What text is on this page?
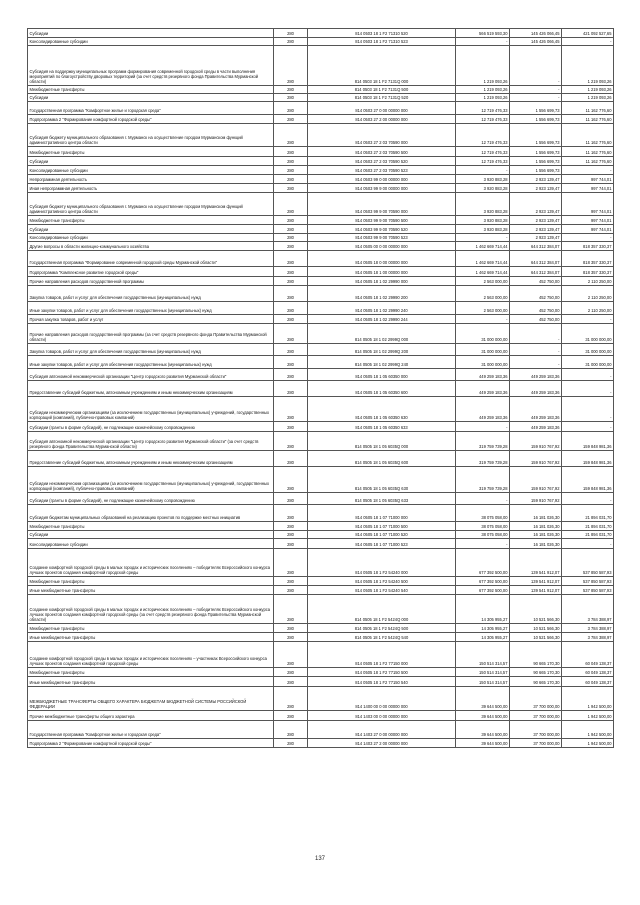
Субсидии	280	814 0503 18 1 F2 71310 520	566 519 593,30	145 426 066,45	421 092 527,65
Консолидированные субсидии	280	814 0503 18 1 F2 71310 523	-	145 426 066,45	-
Субсидия на поддержку муниципальных программ формирования современной городской среды в части выполнения мероприятий по благоустройству дворовых территорий (за счет средств резервного фонда Правительства Мурманской области)	280	814 0503 18 1 F2 7131Q 000	1 219 093,26	-	1 219 093,26
Межбюджетные трансферты	280	814 0503 18 1 F2 7131Q 500	1 219 093,26	-	1 219 093,26
Субсидии	280	814 0503 18 1 F2 7131Q 520	1 219 093,26	-	1 219 093,26
Государственная программа "Комфортное жилье и городская среда"	280	814 0503 27 0 00 00000 000	12 719 476,33	1 556 699,73	11 162 776,60
Подпрограмма 2 "Формирование комфортной городской среды"	280	814 0503 27 2 00 00000 000	12 719 476,33	1 556 699,73	11 162 776,60
Субсидия бюджету муниципального образования г. Мурманск на осуществление городом Мурманском функций административного центра области	280	814 0503 27 2 03 70590 000	12 719 476,33	1 556 699,73	11 162 776,60
Межбюджетные трансферты	280	814 0503 27 2 03 70590 500	12 719 476,33	1 556 699,73	11 162 776,60
Субсидии	280	814 0503 27 2 03 70590 520	12 719 476,33	1 556 699,73	11 162 776,60
Консолидированные субсидии	280	814 0503 27 2 03 70590 523	-	1 556 699,73	-
Непрограммная деятельность	280	814 0503 99 0 00 00000 000	3 920 883,28	2 923 139,47	997 744,01
Иная непрограммная деятельность	280	814 0503 99 9 00 00000 000	3 920 883,28	2 923 139,47	997 744,01
Субсидия бюджету муниципального образования г. Мурманск на осуществление городом Мурманском функций административного центра области	280	814 0503 99 9 00 70590 000	3 920 883,28	2 923 139,47	997 744,01
Межбюджетные трансферты	280	814 0503 99 9 00 70590 500	3 920 883,28	2 923 139,47	997 744,01
Субсидии	280	814 0503 99 9 00 70590 520	3 920 883,28	2 923 139,47	997 744,01
Консолидированные субсидии	280	814 0503 99 9 00 70590 523	-	2 923 139,47	-
Другие вопросы в области жилищно-коммунального хозяйства	280	814 0505 00 0 00 00000 000	1 462 669 714,44	644 312 384,07	818 357 330,37
Государственная программа "Формирование современной городской среды Мурманской области"	280	814 0505 18 0 00 00000 000	1 462 669 714,44	644 312 384,07	818 357 330,37
Подпрограмма "Комплексное развитие городской среды"	280	814 0505 18 1 00 00000 000	1 462 669 714,44	644 312 384,07	818 357 330,37
Прочие направления расходов государственной программы	280	814 0505 18 1 02 29990 000	2 563 000,00	452 750,00	2 110 250,00
Закупка товаров, работ и услуг для обеспечения государственных (муниципальных) нужд	280	814 0505 18 1 02 29990 200	2 563 000,00	452 750,00	2 110 250,00
Иные закупки товаров, работ и услуг для обеспечения государственных (муниципальных) нужд	280	814 0505 18 1 02 29990 240	2 563 000,00	452 750,00	2 110 250,00
Прочая закупка товаров, работ и услуг	280	814 0505 18 1 02 29990 244	-	452 750,00	-
Прочие направления расходов государственной программы (за счет средств резервного фонда Правительства Мурманской области)	280	814 0505 18 1 02 2999Q 000	31 000 000,00	-	31 000 000,00
Закупка товаров, работ и услуг для обеспечения государственных (муниципальных) нужд	280	814 0505 18 1 02 2999Q 200	31 000 000,00	-	31 000 000,00
Иные закупки товаров, работ и услуг для обеспечения государственных (муниципальных) нужд	280	814 0505 18 1 02 2999Q 240	31 000 000,00	-	31 000 000,00
Субсидия автономной некоммерческой организации "Центр городского развития Мурманской области"	280	814 0505 18 1 05 60350 000	449 259 183,36	449 259 183,36	-
Предоставление субсидий бюджетным, автономным учреждениям и иным некоммерческим организациям	280	814 0505 18 1 05 60350 600	449 259 183,36	449 259 183,36	-
Субсидии некоммерческим организациям (за исключением государственных (муниципальных) учреждений, государственных корпораций (компаний), публично-правовых компаний)	280	814 0505 18 1 05 60350 630	449 259 183,36	449 259 183,36	-
Субсидии (гранты в форме субсидий), не подлежащие казначейскому сопровождению	280	814 0505 18 1 05 60350 633	-	449 259 183,36	-
Субсидия автономной некоммерческой организации "Центр городского развития Мурманской области" (за счет средств резервного фонда Правительства Мурманской области)	280	814 0505 18 1 05 6035Q 000	319 759 739,28	159 910 767,92	159 848 981,36
Предоставление субсидий бюджетным, автономным учреждениям и иным некоммерческим организациям	280	814 0505 18 1 05 6035Q 600	319 759 739,28	159 910 767,92	159 848 981,36
Субсидии некоммерческим организациям (за исключением государственных (муниципальных) учреждений, государственных корпораций (компаний), публично-правовых компаний)	280	814 0505 18 1 05 6035Q 630	319 759 739,28	159 910 767,92	159 848 981,36
Субсидии (гранты в форме субсидий), не подлежащие казначейскому сопровождению	280	814 0505 18 1 05 6035Q 633	-	159 910 767,92	-
Субсидия бюджетам муниципальных образований на реализацию проектов по поддержке местных инициатив	280	814 0505 18 1 07 71000 000	38 075 058,00	16 181 026,30	21 894 031,70
Межбюджетные трансферты	280	814 0505 18 1 07 71000 500	38 075 058,00	16 181 026,30	21 894 031,70
Субсидии	280	814 0505 18 1 07 71000 520	38 075 058,00	16 181 026,30	21 894 031,70
Консолидированные субсидии	280	814 0505 18 1 07 71000 523	-	16 181 026,30	-
Создание комфортной городской среды в малых городах и исторических поселениях – победителях Всероссийского конкурса лучших проектов создания комфортной городской среды	280	814 0505 18 1 F2 54240 000	677 392 500,00	139 541 912,07	537 850 587,93
Межбюджетные трансферты	280	814 0505 18 1 F2 54240 500	677 392 500,00	139 541 912,07	537 850 587,93
Иные межбюджетные трансферты	280	814 0505 18 1 F2 54240 540	677 392 500,00	139 541 912,07	537 850 587,93
Создание комфортной городской среды в малых городах и исторических поселениях – победителях Всероссийского конкурса лучших проектов создания комфортной городской среды (за счет средств резервного фонда Правительства Мурманской области)	280	814 0505 18 1 F2 5424Q 000	14 305 955,27	10 521 566,30	3 784 388,97
Межбюджетные трансферты	280	814 0505 18 1 F2 5424Q 500	14 305 955,27	10 521 566,30	3 784 388,97
Иные межбюджетные трансферты	280	814 0505 18 1 F2 5424Q 540	14 305 955,27	10 521 566,30	3 784 388,97
Создание комфортной городской среды в малых городах и исторических поселениях – участниках Всероссийского конкурса лучших проектов создания комфортной городской среды	280	814 0505 18 1 F2 77150 000	150 514 314,57	90 665 170,30	60 049 138,37
Межбюджетные трансферты	280	814 0505 18 1 F2 77150 500	150 514 314,57	90 665 170,30	60 049 138,37
Иные межбюджетные трансферты	280	814 0505 18 1 F2 77150 540	150 514 314,57	90 665 170,30	60 049 138,37
МЕЖБЮДЖЕТНЫЕ ТРАНСФЕРТЫ ОБЩЕГО ХАРАКТЕРА БЮДЖЕТАМ БЮДЖЕТНОЙ СИСТЕМЫ РОССИЙСКОЙ ФЕДЕРАЦИИ	280	814 1400 00 0 00 00000 000	39 644 500,00	37 700 000,00	1 942 500,00
Прочие межбюджетные трансферты общего характера	280	814 1403 00 0 00 00000 000	39 644 500,00	37 700 000,00	1 942 500,00
Государственная программа "Комфортное жилье и городская среда"	280	814 1403 27 0 00 00000 000	39 644 500,00	37 700 000,00	1 942 500,00
Подпрограмма 2 "Формирование комфортной городской среды"	280	814 1403 27 2 00 00000 000	39 644 500,00	37 700 000,00	1 942 500,00
137
